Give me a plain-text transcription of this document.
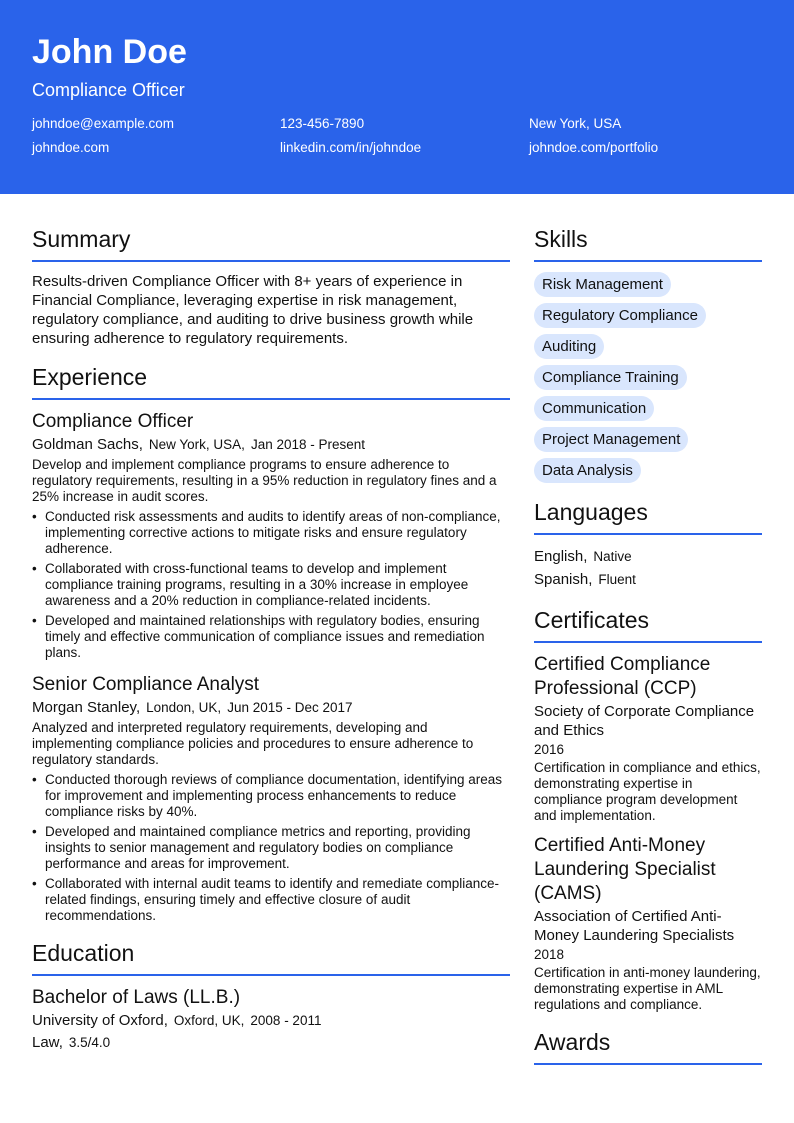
John Doe
Compliance Officer
johndoe@example.com	123-456-7890	New York, USA
johndoe.com	linkedin.com/in/johndoe	johndoe.com/portfolio
Summary
Results-driven Compliance Officer with 8+ years of experience in Financial Compliance, leveraging expertise in risk management, regulatory compliance, and auditing to drive business growth while ensuring adherence to regulatory requirements.
Experience
Compliance Officer
Goldman Sachs, New York, USA, Jan 2018 - Present
Develop and implement compliance programs to ensure adherence to regulatory requirements, resulting in a 95% reduction in regulatory fines and a 25% increase in audit scores.
• Conducted risk assessments and audits to identify areas of non-compliance, implementing corrective actions to mitigate risks and ensure regulatory adherence.
• Collaborated with cross-functional teams to develop and implement compliance training programs, resulting in a 30% increase in employee awareness and a 20% reduction in compliance-related incidents.
• Developed and maintained relationships with regulatory bodies, ensuring timely and effective communication of compliance issues and remediation plans.
Senior Compliance Analyst
Morgan Stanley, London, UK, Jun 2015 - Dec 2017
Analyzed and interpreted regulatory requirements, developing and implementing compliance policies and procedures to ensure adherence to regulatory standards.
• Conducted thorough reviews of compliance documentation, identifying areas for improvement and implementing process enhancements to reduce compliance risks by 40%.
• Developed and maintained compliance metrics and reporting, providing insights to senior management and regulatory bodies on compliance performance and areas for improvement.
• Collaborated with internal audit teams to identify and remediate compliance-related findings, ensuring timely and effective closure of audit recommendations.
Education
Bachelor of Laws (LL.B.)
University of Oxford, Oxford, UK, 2008 - 2011
Law, 3.5/4.0
Skills
Risk Management
Regulatory Compliance
Auditing
Compliance Training
Communication
Project Management
Data Analysis
Languages
English, Native
Spanish, Fluent
Certificates
Certified Compliance Professional (CCP)
Society of Corporate Compliance and Ethics
2016
Certification in compliance and ethics, demonstrating expertise in compliance program development and implementation.
Certified Anti-Money Laundering Specialist (CAMS)
Association of Certified Anti-Money Laundering Specialists
2018
Certification in anti-money laundering, demonstrating expertise in AML regulations and compliance.
Awards
